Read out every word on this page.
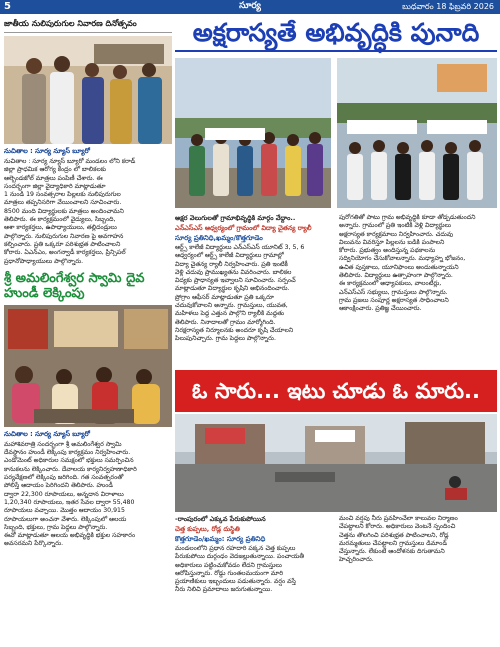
5	సూర్య	బుధవారం 18 ఫిబ్రవరి 2026
జాతీయ నులిపురుగుల నివారణ దినోత్సవం
నుచితాల : సూర్య న్యూస్ బ్యూరో
నుచితాల : సూర్య న్యూస్ బ్యూరో మండలం లోని కరాడ్
జిల్లా ప్రాధమిక ఆరోగ్య కేంద్రం లో బాలికలకు
ఆల్బెండజోల్ మాత్రలు పంపిణీ చేశారు. ఈ
సందర్భంగా జిల్లా వైద్యాధికారి మాట్లాడుతూ
1 నుండి 19 సంవత్సరాల పిల్లలకు నులిపురుగుల
మాత్రలు తప్పనిసరిగా వేయించాలని సూచించారు.
8500 మంది విద్యార్థులకు మాత్రలు అందించామని
తెలిపారు. ఈ కార్యక్రమంలో వైద్యులు, సిబ్బంది,
ఆశా కార్యకర్తలు, ఉపాధ్యాయులు, తల్లిదండ్రులు
పాల్గొన్నారు. నులిపురుగుల నివారణ పై అవగాహన
కల్పించారు. ప్రతి ఒక్కరూ పరిశుభ్రత పాటించాలని
కోరారు. ఏఎన్ఎం, అంగన్వాడీ కార్యకర్తలు, ప్రిన్సిపల్
ప్రధానోపాధ్యాయులు పాల్గొన్నారు.
శ్రీ అమలింగేశ్వర స్వామి దైవ హుండీ లెక్కింపు
నుచితాల : సూర్య న్యూస్ బ్యూరో
మహాశివరాత్రి సందర్భంగా శ్రీ అమలింగేశ్వర స్వామి
దేవస్థానం హుండీ లెక్కింపు కార్యక్రమం నిర్వహించారు.
ఎండోమెంట్ అధికారుల సమక్షంలో భక్తులు సమర్పించిన
కానుకలను లెక్కించారు. దేవాలయ కార్యనిర్వహణాధికారి
పర్యవేక్షణలో లెక్కింపు జరిగింది. గత సంవత్సరంతో
పోలిస్తే ఆదాయం పెరిగిందని తెలిపారు. హుండీ
ద్వారా 22,300 రూపాయలు, అన్నదాన విరాళాలు
1,20,340 రూపాయలు, ఇతర సేవల ద్వారా 55,480
రూపాయలు వచ్చాయి. మొత్తం ఆదాయం 30,915
రూపాయలుగా అంచనా వేశారు. లెక్కింపులో ఆలయ
సిబ్బంది, భక్తులు, గ్రామ పెద్దలు పాల్గొన్నారు.
ఈవో మాట్లాడుతూ ఆలయ అభివృద్ధికి భక్తుల సహకారం
అవసరమని పేర్కొన్నారు.
అక్షరాస్యతే అభివృద్ధికి పునాది
అక్షర వెలుగులతో గ్రామాభివృద్ధికి మార్గం వేద్దాం..
ఎన్ఎస్ఎస్ ఆధ్వర్యంలో గ్రామంలో విద్యా చైతన్య ర్యాలీ
సూర్య ప్రతినిధి,ఖమ్మం/కొత్తగూడెం
ఆర్ట్స్ కాలేజీ విద్యార్థులు ఎన్ఎస్ఎస్ యూనిట్ 3, 5, 6
ఆధ్వర్యంలో ఆర్ట్స్ కాలేజీ విద్యార్థులు గ్రామాల్లో
విద్యా చైతన్య ర్యాలీ నిర్వహించారు. ప్రతి ఇంటికీ
వెళ్లి చదువు ప్రాముఖ్యతను వివరించారు. బాలికల
విద్యకు ప్రాధాన్యత ఇవ్వాలని సూచించారు. సర్పంచ్
మాట్లాడుతూ విద్యార్థుల కృషిని అభినందించారు.
ప్రోగ్రాం ఆఫీసర్ మాట్లాడుతూ ప్రతి ఒక్కరూ
చదువుకోవాలని అన్నారు. గ్రామస్తులు, యువత,
మహిళలు పెద్ద ఎత్తున పాల్గొని ర్యాలీకి మద్దతు
తెలిపారు. నినాదాలతో గ్రామం మార్మోగింది.
నిరక్షరాస్యత నిర్మూలనకు అందరూ కృషి చేయాలని
పిలుపునిచ్చారు. గ్రామ పెద్దలు పాల్గొన్నారు.
పురోగతితో పాటు గ్రామ అభివృద్ధికి కూడా తోడ్పడుతుందని
అన్నారు. గ్రామంలో ప్రతి ఇంటికి వెళ్లి విద్యార్థులు
అక్షరాస్యత కార్యక్రమాలు నిర్వహించారు. చదువు
విలువను వివరిస్తూ పిల్లలను బడికి పంపాలని
కోరారు. ప్రభుత్వం అందిస్తున్న పథకాలను
సద్వినియోగం చేసుకోవాలన్నారు. మధ్యాహ్న భోజనం,
ఉచిత పుస్తకాలు, యూనిఫాంలు అందుతున్నాయని
తెలిపారు. విద్యార్థులు ఉత్సాహంగా పాల్గొన్నారు.
ఈ కార్యక్రమంలో అధ్యాపకులు, వాలంటీర్లు,
ఎన్ఎస్ఎస్ సభ్యులు, గ్రామస్తులు పాల్గొన్నారు.
గ్రామ ప్రజలు సంపూర్ణ అక్షరాస్యత సాధించాలని
ఆకాంక్షించారు. ప్రతిజ్ఞ చేయించారు.
ఓ సారు... ఇటు చూడు ఓ మారు..
-రాంపురంలో ఎక్కువ పేరుకుపోయిన
చెత్త కుప్పలు, రోడ్ల దుస్థితి
కొత్తగూడెం/ఖమ్మం: సూర్య ప్రతినిధి
మండలంలోని ప్రధాన రహదారి పక్కన చెత్త కుప్పలు
పేరుకుపోయి దుర్గంధం వెదజల్లుతున్నాయి. పంచాయతీ
అధికారులు పట్టించుకోవడం లేదని గ్రామస్తులు
ఆరోపిస్తున్నారు. రోడ్డు గుంతలమయంగా మారి
ప్రయాణికులు ఇబ్బందులు పడుతున్నారు. వర్షం వస్తే
నీరు నిలిచి ప్రమాదాలు జరుగుతున్నాయి.
మంచి వర్షపు నీరు ప్రవహించేలా కాలువల నిర్మాణం
చేపట్టాలని కోరారు. అధికారులు వెంటనే స్పందించి
చెత్తను తొలగించి పరిశుభ్రత పాటించాలని, రోడ్ల
మరమ్మతులు చేపట్టాలని గ్రామస్తులు డిమాండ్
చేస్తున్నారు. లేకుంటే ఆందోళనకు దిగుతామని
హెచ్చరించారు.
